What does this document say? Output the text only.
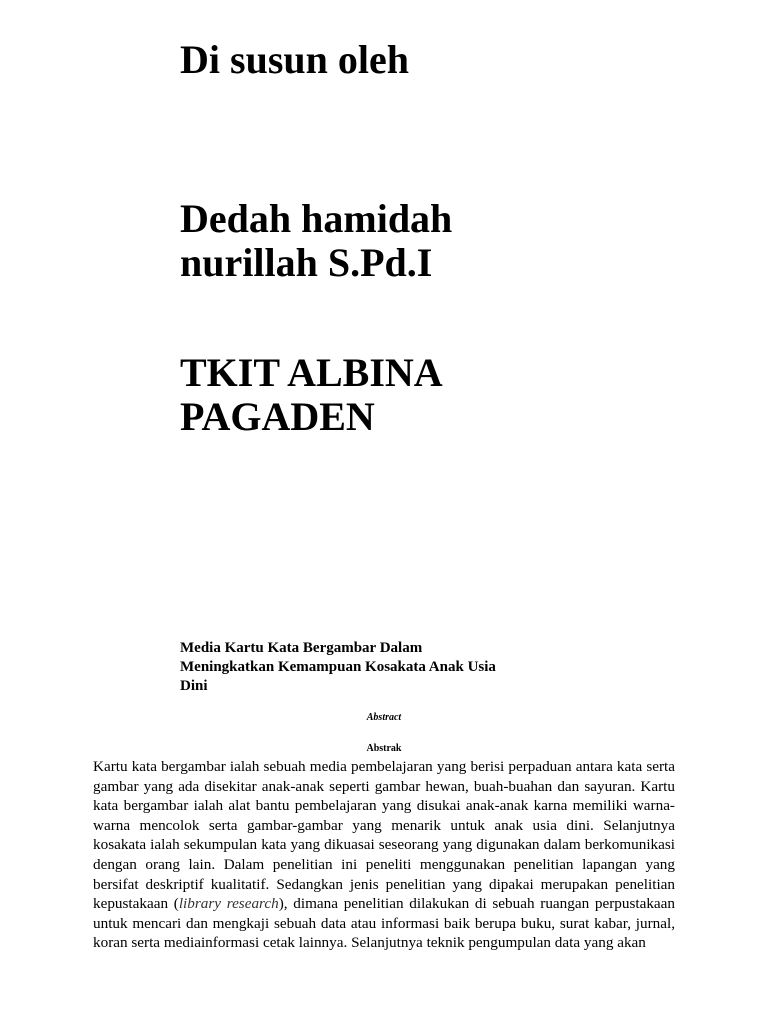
Di susun oleh
Dedah hamidah
nurillah S.Pd.I
TKIT ALBINA
PAGADEN
Media Kartu Kata Bergambar Dalam
Meningkatkan Kemampuan Kosakata Anak Usia
Dini
Abstract
Abstrak

Kartu kata bergambar ialah sebuah media pembelajaran yang berisi perpaduan antara kata serta gambar yang ada disekitar anak-anak seperti gambar hewan, buah-buahan dan sayuran. Kartu kata bergambar ialah alat bantu pembelajaran yang disukai anak-anak karna memiliki warna-warna mencolok serta gambar-gambar yang menarik untuk anak usia dini. Selanjutnya kosakata ialah sekumpulan kata yang dikuasai seseorang yang digunakan dalam berkomunikasi dengan orang lain. Dalam penelitian ini peneliti menggunakan penelitian lapangan yang bersifat deskriptif kualitatif. Sedangkan jenis penelitian yang dipakai merupakan penelitian kepustakaan (library research), dimana penelitian dilakukan di sebuah ruangan perpustakaan untuk mencari dan mengkaji sebuah data atau informasi baik berupa buku, surat kabar, jurnal, koran serta mediainformasi cetak lainnya. Selanjutnya teknik pengumpulan data yang akan
